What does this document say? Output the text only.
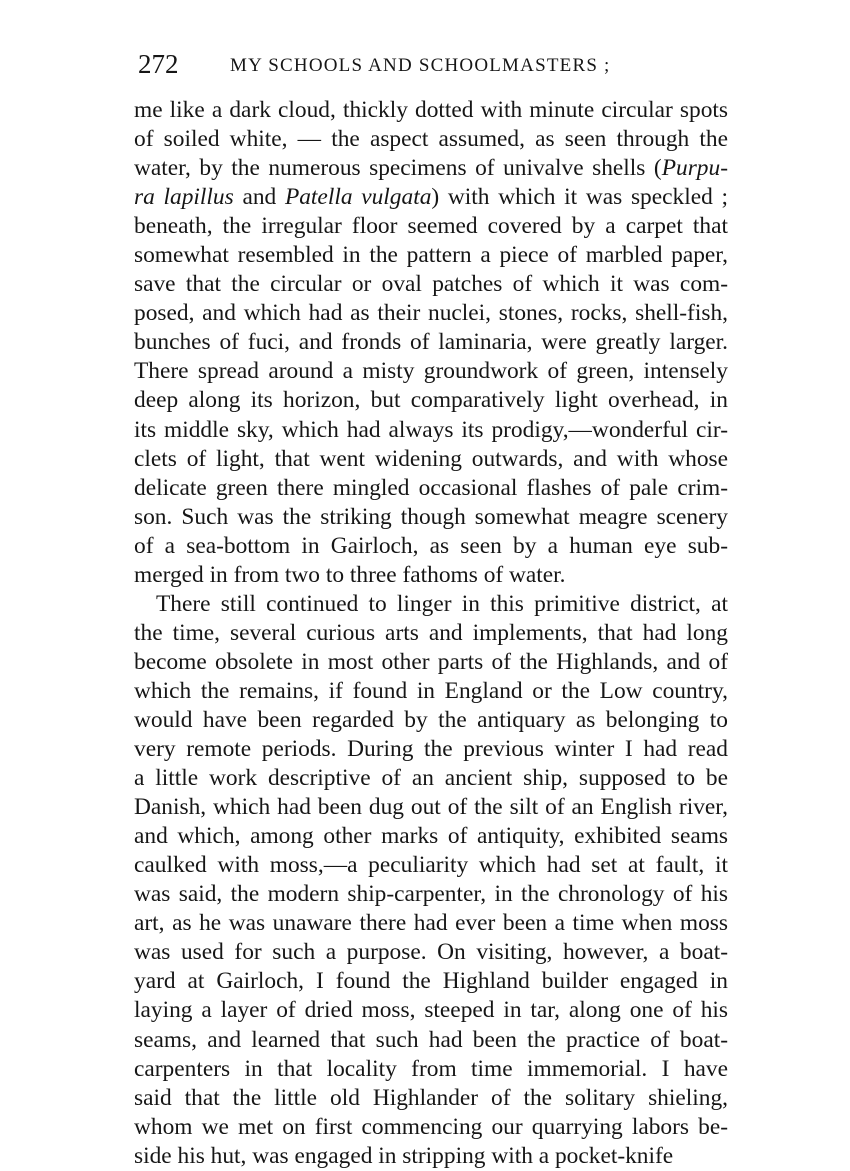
272	MY SCHOOLS AND SCHOOLMASTERS ;
me like a dark cloud, thickly dotted with minute circular spots
of soiled white, — the aspect assumed, as seen through the
water, by the numerous specimens of univalve shells (Purpu-
ra lapillus and Patella vulgata) with which it was speckled ;
beneath, the irregular floor seemed covered by a carpet that
somewhat resembled in the pattern a piece of marbled paper,
save that the circular or oval patches of which it was com-
posed, and which had as their nuclei, stones, rocks, shell-fish,
bunches of fuci, and fronds of laminaria, were greatly larger.
There spread around a misty groundwork of green, intensely
deep along its horizon, but comparatively light overhead, in
its middle sky, which had always its prodigy,—wonderful cir-
clets of light, that went widening outwards, and with whose
delicate green there mingled occasional flashes of pale crim-
son. Such was the striking though somewhat meagre scenery
of a sea-bottom in Gairloch, as seen by a human eye sub-
merged in from two to three fathoms of water.
There still continued to linger in this primitive district, at
the time, several curious arts and implements, that had long
become obsolete in most other parts of the Highlands, and of
which the remains, if found in England or the Low country,
would have been regarded by the antiquary as belonging to
very remote periods. During the previous winter I had read
a little work descriptive of an ancient ship, supposed to be
Danish, which had been dug out of the silt of an English river,
and which, among other marks of antiquity, exhibited seams
caulked with moss,—a peculiarity which had set at fault, it
was said, the modern ship-carpenter, in the chronology of his
art, as he was unaware there had ever been a time when moss
was used for such a purpose. On visiting, however, a boat-
yard at Gairloch, I found the Highland builder engaged in
laying a layer of dried moss, steeped in tar, along one of his
seams, and learned that such had been the practice of boat-
carpenters in that locality from time immemorial. I have
said that the little old Highlander of the solitary shieling,
whom we met on first commencing our quarrying labors be-
side his hut, was engaged in stripping with a pocket-knife
